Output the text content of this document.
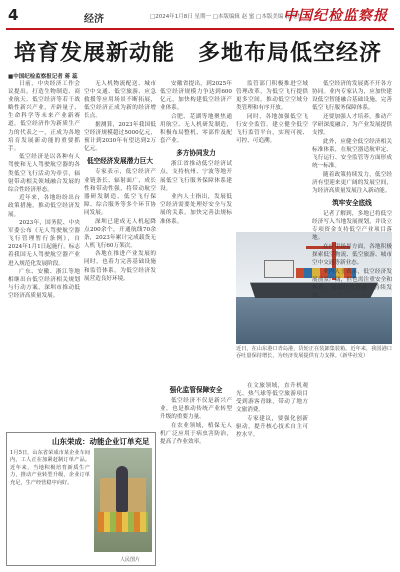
4	经济	□2024年1月8日 星期一 □本版编辑 赵 蜜 □本版美编 郭悦杰
中国纪检监察报
培育发展新动能　多地布局低空经济
■中国纪检监察报记者 蒋 蕊

日前，中央经济工作会议提出，打造生物制造、商业航天、低空经济等若干战略性新兴产业，开辟量子、生命科学等未来产业新赛道。低空经济作为新质生产力的代表之一，正成为各地培育发展新动能的重要抓手。

低空经济是以各种有人驾驶和无人驾驶航空器的各类低空飞行活动为牵引，辐射带动相关领域融合发展的综合性经济形态。

近年来，各地纷纷出台政策措施，推动低空经济发展。

2023年，国务院、中央军委公布《无人驾驶航空器飞行管理暂行条例》，自2024年1月1日起施行，标志着我国无人驾驶航空器产业进入规范化发展阶段。

广东、安徽、浙江等地相继出台低空经济相关规划与行动方案，深圳市推动低空经济高质量发展。

无人机物流配送、城市空中交通、低空旅游、应急救援等应用场景不断拓展，低空经济正成为新的经济增长点。

据测算，2023年我国低空经济规模超过5000亿元，预计到2030年有望达到2万亿元。

低空经济发展潜力巨大

专家表示，低空经济产业链条长、辐射面广、成长性和带动性强，将带动航空器研发制造、低空飞行保障、综合服务等多个环节协同发展。

深圳已建成无人机起降点200余个，开通航线70余条，2023年累计完成载货无人机飞行60万架次。

各地在推进产业发展的同时，也着力完善基础设施和监管体系，为低空经济发展营造良好环境。

安徽省提出，到2025年低空经济规模力争达到600亿元，加快构建低空经济产业体系。

合肥、芜湖等地聚焦通用航空、无人机研发制造，积极布局整机、零部件及配套产业。

多方协同发力

浙江省推动低空经济试点，支持杭州、宁波等地开展低空飞行服务保障体系建设。

业内人士指出，发展低空经济需要处理好安全与发展的关系，加快完善法规标准体系。

监管部门积极推进空域管理改革，为低空飞行提供更多空间，推动低空空域分类管理和有序开放。

同时，各地加强低空飞行安全监管，建立健全低空飞行监管平台，实现可视、可控、可追溯。

近日，在山东港口青岛港，货轮正在装卸集装箱。近年来，我国港口吞吐量保持增长，为经济发展提供有力支撑。（新华社发）

强化监管保障安全

低空经济不仅是新兴产业，也是推动传统产业转型升级的重要力量。

在农业领域，植保无人机广泛应用于病虫害防治，提高了作业效率。

在文旅领域，直升机观光、热气球等低空旅游项目受到游客青睐，带动了地方文旅消费。

专家建议，要强化创新驱动，提升核心技术自主可控水平。

低空经济的发展离不开各方协同。业内专家认为，应加快建设低空智能融合基础设施，完善低空飞行服务保障体系。

还要加强人才培养，推动产学研深度融合，为产业发展提供支撑。

此外，应健全低空经济相关标准体系，在航空器适航审定、飞行运行、安全监管等方面形成统一标准。

随着政策持续发力，低空经济有望迎来更广阔的发展空间，为经济高质量发展注入新动能。

筑牢安全底线

记者了解到，多地已将低空经济写入当地发展规划，并设立专项资金支持低空产业项目落地。

在应用场景方面，各地积极探索低空物流、低空旅游、城市空中交通等新业态。

业内人士表示，低空经济发展前景广阔，但也需注重安全和规范，确保行业健康可持续发展。

山东栄成：动能企业订单充足
1月5日，山东省荣成市某企业车间内，工人正在加紧赶制订单产品。近年来，当地积极培育新质生产力，推动产业转型升级，企业订单充足，生产经营稳中向好。
人民图片
